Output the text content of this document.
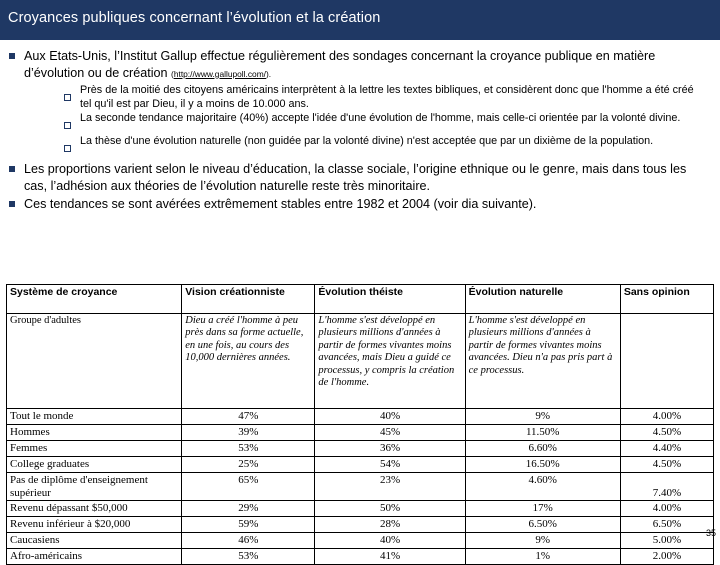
Croyances publiques concernant l’évolution et la création
Aux Etats-Unis, l’Institut Gallup effectue régulièrement des sondages concernant la croyance publique en matière d’évolution ou de création (http://www.gallupoll.com/).
Près de la moitié des citoyens américains interprètent à la lettre les textes bibliques, et considèrent donc que l'homme a été créé tel qu'il est par Dieu, il y a moins de 10.000 ans.
La seconde tendance majoritaire (40%) accepte l'idée d'une évolution de l'homme, mais celle-ci orientée par la volonté divine.
La thèse d'une évolution naturelle (non guidée par la volonté divine) n'est acceptée que par un dixième de la population.
Les proportions varient selon le niveau d’éducation, la classe sociale, l’origine ethnique ou le genre, mais dans tous les cas, l’adhésion aux théories de l’évolution naturelle reste très minoritaire.
Ces tendances se sont avérées extrêmement stables entre 1982 et 2004 (voir dia suivante).
Système de croyance	Vision créationniste	Évolution théiste	Évolution naturelle	Sans opinion
Groupe d'adultes	Dieu a créé l'homme à peu près dans sa forme actuelle, en une fois, au cours des 10,000 dernières années.	L'homme s'est développé en plusieurs millions d'années à partir de formes vivantes moins avancées, mais Dieu a guidé ce processus, y compris la création de l'homme.	L'homme s'est développé en plusieurs millions d'années à partir de formes vivantes moins avancées. Dieu n'a pas pris part à ce processus.	
Tout le monde	47%	40%	9%	4.00%
Hommes	39%	45%	11.50%	4.50%
Femmes	53%	36%	6.60%	4.40%
College graduates	25%	54%	16.50%	4.50%
Pas de diplôme d'enseignement supérieur	65%	23%	4.60%	7.40%
Revenu dépassant $50,000	29%	50%	17%	4.00%
Revenu inférieur à $20,000	59%	28%	6.50%	6.50%
Caucasiens	46%	40%	9%	5.00%
Afro-américains	53%	41%	1%	2.00%
35
